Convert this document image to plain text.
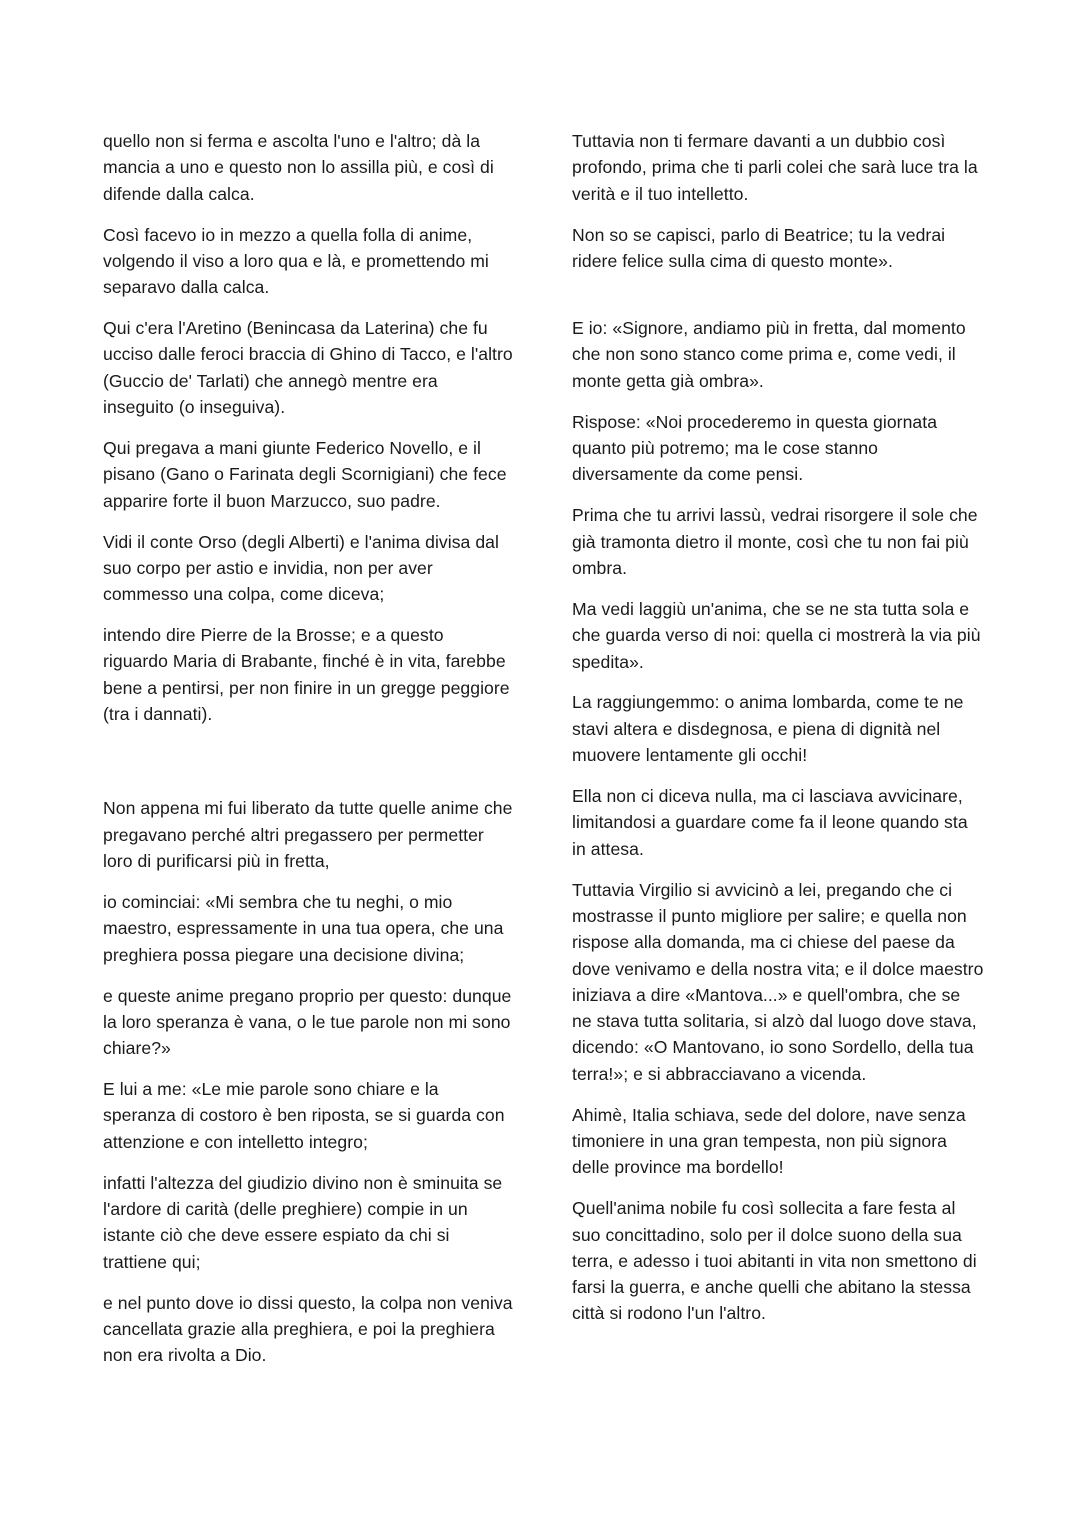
quello non si ferma e ascolta l'uno e l'altro; dà la mancia a uno e questo non lo assilla più, e così di difende dalla calca.

Così facevo io in mezzo a quella folla di anime, volgendo il viso a loro qua e là, e promettendo mi separavo dalla calca.

Qui c'era l'Aretino (Benincasa da Laterina) che fu ucciso dalle feroci braccia di Ghino di Tacco, e l'altro (Guccio de' Tarlati) che annegò mentre era inseguito (o inseguiva).

Qui pregava a mani giunte Federico Novello, e il pisano (Gano o Farinata degli Scornigiani) che fece apparire forte il buon Marzucco, suo padre.

Vidi il conte Orso (degli Alberti) e l'anima divisa dal suo corpo per astio e invidia, non per aver commesso una colpa, come diceva;

intendo dire Pierre de la Brosse; e a questo riguardo Maria di Brabante, finché è in vita, farebbe bene a pentirsi, per non finire in un gregge peggiore (tra i dannati).

Non appena mi fui liberato da tutte quelle anime che pregavano perché altri pregassero per permetter loro di purificarsi più in fretta,

io cominciai: «Mi sembra che tu neghi, o mio maestro, espressamente in una tua opera, che una preghiera possa piegare una decisione divina;

e queste anime pregano proprio per questo: dunque la loro speranza è vana, o le tue parole non mi sono chiare?»

E lui a me: «Le mie parole sono chiare e la speranza di costoro è ben riposta, se si guarda con attenzione e con intelletto integro;

infatti l'altezza del giudizio divino non è sminuita se l'ardore di carità (delle preghiere) compie in un istante ciò che deve essere espiato da chi si trattiene qui;

e nel punto dove io dissi questo, la colpa non veniva cancellata grazie alla preghiera, e poi la preghiera non era rivolta a Dio.

Tuttavia non ti fermare davanti a un dubbio così profondo, prima che ti parli colei che sarà luce tra la verità e il tuo intelletto.

Non so se capisci, parlo di Beatrice; tu la vedrai ridere felice sulla cima di questo monte».

E io: «Signore, andiamo più in fretta, dal momento che non sono stanco come prima e, come vedi, il monte getta già ombra».

Rispose: «Noi procederemo in questa giornata quanto più potremo; ma le cose stanno diversamente da come pensi.

Prima che tu arrivi lassù, vedrai risorgere il sole che già tramonta dietro il monte, così che tu non fai più ombra.

Ma vedi laggiù un'anima, che se ne sta tutta sola e che guarda verso di noi: quella ci mostrerà la via più spedita».

La raggiungemmo: o anima lombarda, come te ne stavi altera e disdegnosa, e piena di dignità nel muovere lentamente gli occhi!

Ella non ci diceva nulla, ma ci lasciava avvicinare, limitandosi a guardare come fa il leone quando sta in attesa.

Tuttavia Virgilio si avvicinò a lei, pregando che ci mostrasse il punto migliore per salire; e quella non rispose alla domanda, ma ci chiese del paese da dove venivamo e della nostra vita; e il dolce maestro iniziava a dire «Mantova...» e quell'ombra, che se ne stava tutta solitaria, si alzò dal luogo dove stava, dicendo: «O Mantovano, io sono Sordello, della tua terra!»; e si abbracciavano a vicenda.

Ahimè, Italia schiava, sede del dolore, nave senza timoniere in una gran tempesta, non più signora delle province ma bordello!

Quell'anima nobile fu così sollecita a fare festa al suo concittadino, solo per il dolce suono della sua terra, e adesso i tuoi abitanti in vita non smettono di farsi la guerra, e anche quelli che abitano la stessa città si rodono l'un l'altro.
